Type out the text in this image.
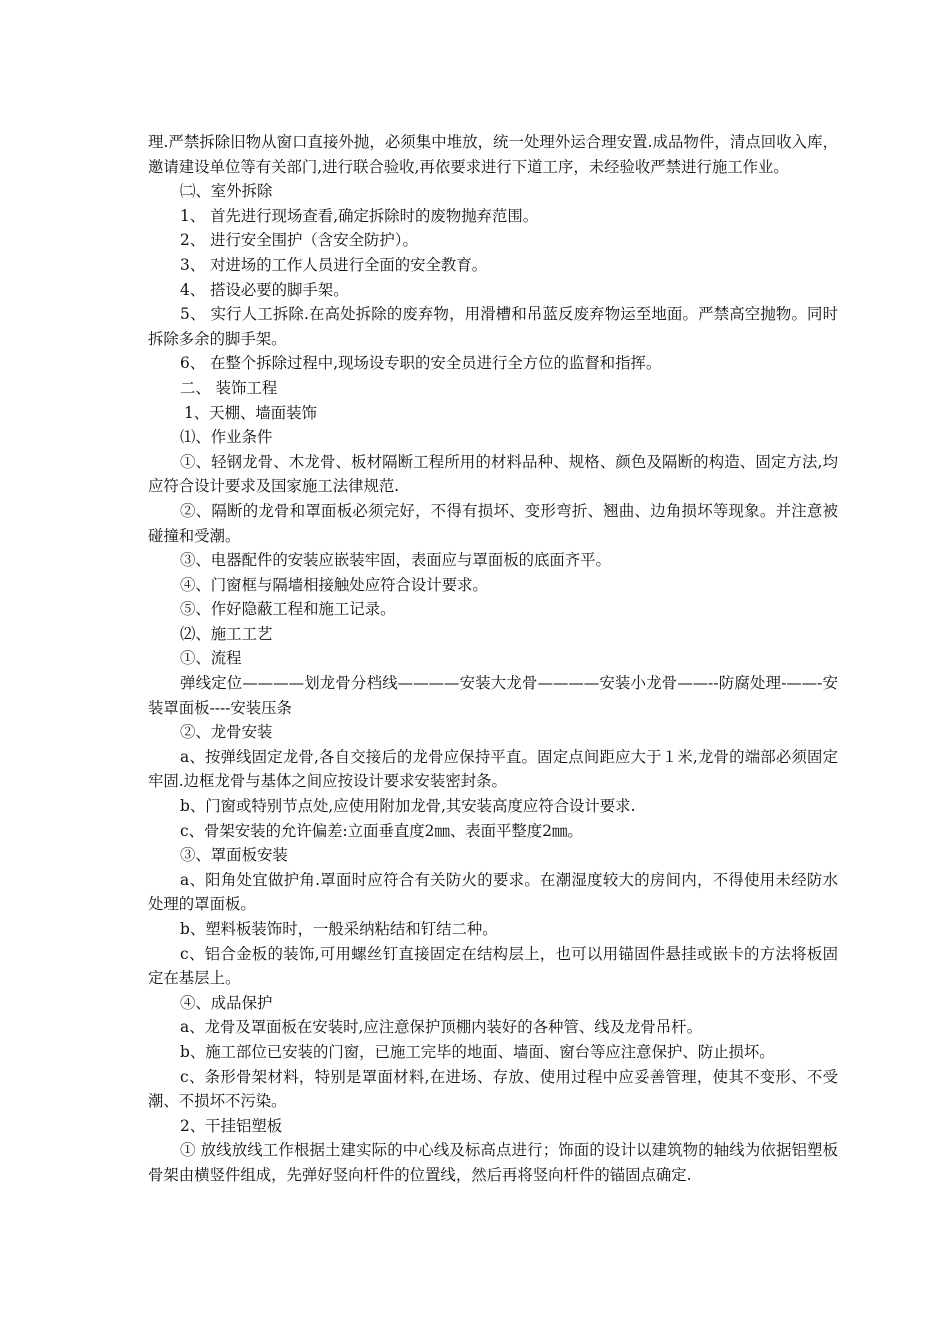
理.严禁拆除旧物从窗口直接外抛，必须集中堆放，统一处理外运合理安置.成品物件，清点回收入库，邀请建设单位等有关部门,进行联合验收,再依要求进行下道工序，未经验收严禁进行施工作业。

㈡、室外拆除

1、 首先进行现场查看,确定拆除时的废物抛弃范围。

2、 进行安全围护（含安全防护）。

3、 对进场的工作人员进行全面的安全教育。

4、 搭设必要的脚手架。

5、 实行人工拆除.在高处拆除的废弃物，用滑槽和吊蓝反废弃物运至地面。严禁高空抛物。同时拆除多余的脚手架。

6、 在整个拆除过程中,现场设专职的安全员进行全方位的监督和指挥。

二、 装饰工程

1、天棚、墙面装饰

⑴、作业条件

①、轻钢龙骨、木龙骨、板材隔断工程所用的材料品种、规格、颜色及隔断的构造、固定方法,均应符合设计要求及国家施工法律规范.

②、隔断的龙骨和罩面板必须完好，不得有损坏、变形弯折、翘曲、边角损坏等现象。并注意被碰撞和受潮。

③、电器配件的安装应嵌装牢固，表面应与罩面板的底面齐平。

④、门窗框与隔墙相接触处应符合设计要求。

⑤、作好隐蔽工程和施工记录。

⑵、施工工艺

①、流程

弹线定位————划龙骨分档线————安装大龙骨————安装小龙骨——--防腐处理-——-安装罩面板----安装压条

②、龙骨安装

a、按弹线固定龙骨,各自交接后的龙骨应保持平直。固定点间距应大于１米,龙骨的端部必须固定牢固.边框龙骨与基体之间应按设计要求安装密封条。

b、门窗或特别节点处,应使用附加龙骨,其安装高度应符合设计要求.

c、骨架安装的允许偏差:立面垂直度2㎜、表面平整度2㎜。

③、罩面板安装

a、阳角处宜做护角.罩面时应符合有关防火的要求。在潮湿度较大的房间内，不得使用未经防水处理的罩面板。

b、塑料板装饰时，一般采纳粘结和钉结二种。

c、铝合金板的装饰,可用螺丝钉直接固定在结构层上，也可以用锚固件悬挂或嵌卡的方法将板固定在基层上。

④、成品保护

a、龙骨及罩面板在安装时,应注意保护顶棚内装好的各种管、线及龙骨吊杆。

b、施工部位已安装的门窗，已施工完毕的地面、墙面、窗台等应注意保护、防止损坏。

c、条形骨架材料，特别是罩面材料,在进场、存放、使用过程中应妥善管理，使其不变形、不受潮、不损坏不污染。

2、干挂铝塑板

① 放线放线工作根据土建实际的中心线及标高点进行；饰面的设计以建筑物的轴线为依据铝塑板骨架由横竖件组成，先弹好竖向杆件的位置线，然后再将竖向杆件的锚固点确定.
